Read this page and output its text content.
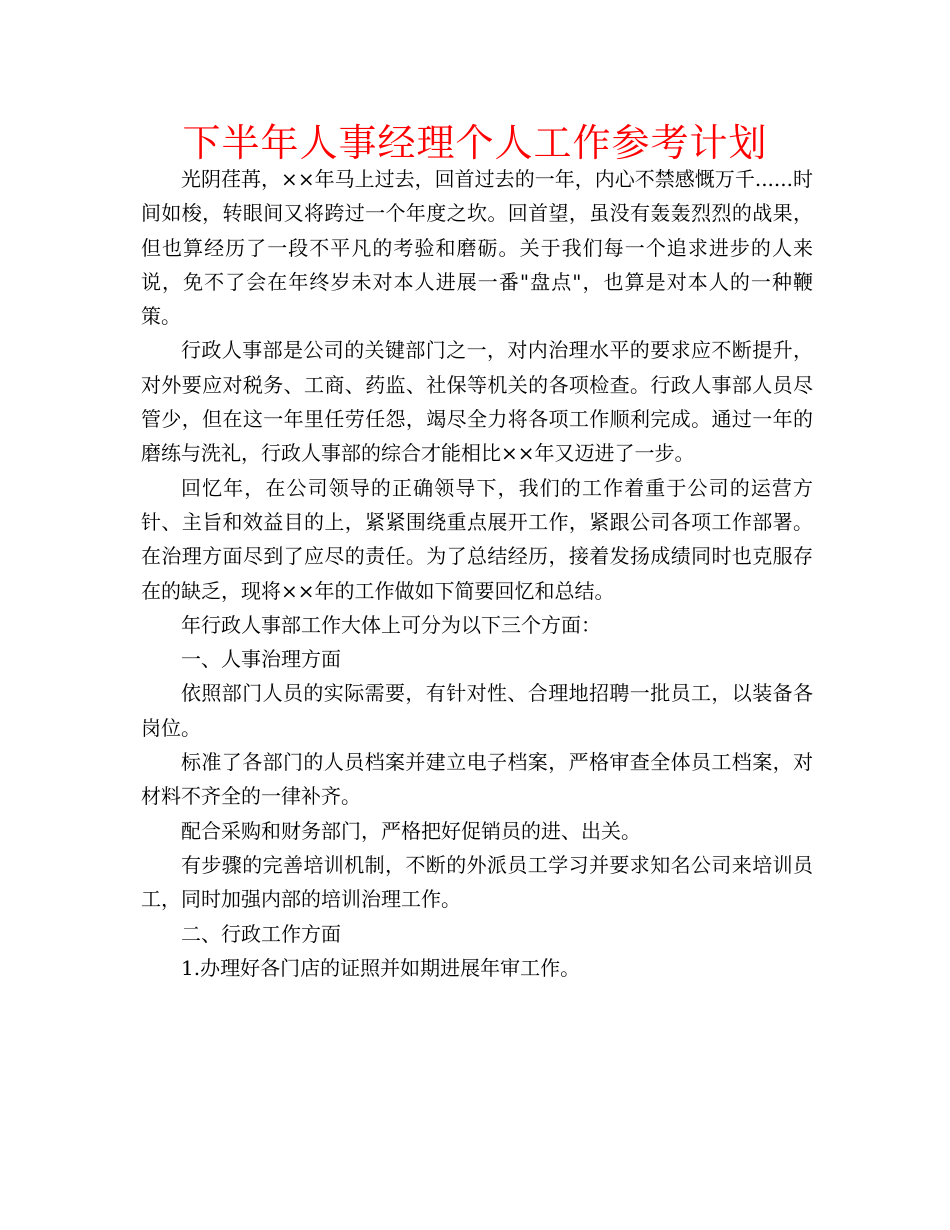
下半年人事经理个人工作参考计划

光阴荏苒，××年马上过去，回首过去的一年，内心不禁感慨万千......时间如梭，转眼间又将跨过一个年度之坎。回首望，虽没有轰轰烈烈的战果，但也算经历了一段不平凡的考验和磨砺。关于我们每一个追求进步的人来说，免不了会在年终岁未对本人进展一番"盘点"，也算是对本人的一种鞭策。

行政人事部是公司的关键部门之一，对内治理水平的要求应不断提升，对外要应对税务、工商、药监、社保等机关的各项检查。行政人事部人员尽管少，但在这一年里任劳任怨，竭尽全力将各项工作顺利完成。通过一年的磨练与洗礼，行政人事部的综合才能相比××年又迈进了一步。

回忆年，在公司领导的正确领导下，我们的工作着重于公司的运营方针、主旨和效益目的上，紧紧围绕重点展开工作，紧跟公司各项工作部署。在治理方面尽到了应尽的责任。为了总结经历，接着发扬成绩同时也克服存在的缺乏，现将××年的工作做如下简要回忆和总结。

年行政人事部工作大体上可分为以下三个方面：

一、人事治理方面

依照部门人员的实际需要，有针对性、合理地招聘一批员工，以装备各岗位。

标准了各部门的人员档案并建立电子档案，严格审查全体员工档案，对材料不齐全的一律补齐。

配合采购和财务部门，严格把好促销员的进、出关。

有步骤的完善培训机制，不断的外派员工学习并要求知名公司来培训员工，同时加强内部的培训治理工作。

二、行政工作方面

1.办理好各门店的证照并如期进展年审工作。
